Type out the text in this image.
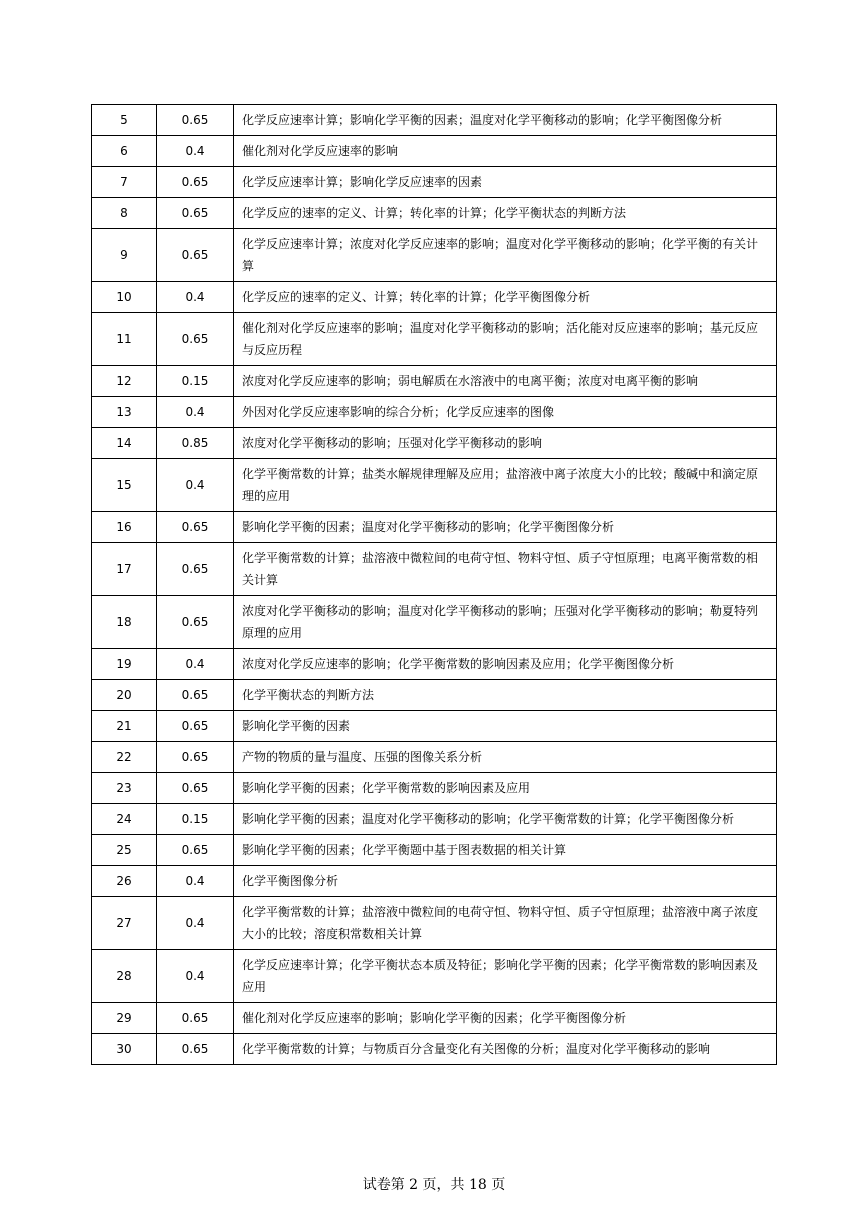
5	0.65	化学反应速率计算；影响化学平衡的因素；温度对化学平衡移动的影响；化学平衡图像分析
6	0.4	催化剂对化学反应速率的影响
7	0.65	化学反应速率计算；影响化学反应速率的因素
8	0.65	化学反应的速率的定义、计算；转化率的计算；化学平衡状态的判断方法
9	0.65	化学反应速率计算；浓度对化学反应速率的影响；温度对化学平衡移动的影响；化学平衡的有关计算
10	0.4	化学反应的速率的定义、计算；转化率的计算；化学平衡图像分析
11	0.65	催化剂对化学反应速率的影响；温度对化学平衡移动的影响；活化能对反应速率的影响；基元反应与反应历程
12	0.15	浓度对化学反应速率的影响；弱电解质在水溶液中的电离平衡；浓度对电离平衡的影响
13	0.4	外因对化学反应速率影响的综合分析；化学反应速率的图像
14	0.85	浓度对化学平衡移动的影响；压强对化学平衡移动的影响
15	0.4	化学平衡常数的计算；盐类水解规律理解及应用；盐溶液中离子浓度大小的比较；酸碱中和滴定原理的应用
16	0.65	影响化学平衡的因素；温度对化学平衡移动的影响；化学平衡图像分析
17	0.65	化学平衡常数的计算；盐溶液中微粒间的电荷守恒、物料守恒、质子守恒原理；电离平衡常数的相关计算
18	0.65	浓度对化学平衡移动的影响；温度对化学平衡移动的影响；压强对化学平衡移动的影响；勒夏特列原理的应用
19	0.4	浓度对化学反应速率的影响；化学平衡常数的影响因素及应用；化学平衡图像分析
20	0.65	化学平衡状态的判断方法
21	0.65	影响化学平衡的因素
22	0.65	产物的物质的量与温度、压强的图像关系分析
23	0.65	影响化学平衡的因素；化学平衡常数的影响因素及应用
24	0.15	影响化学平衡的因素；温度对化学平衡移动的影响；化学平衡常数的计算；化学平衡图像分析
25	0.65	影响化学平衡的因素；化学平衡题中基于图表数据的相关计算
26	0.4	化学平衡图像分析
27	0.4	化学平衡常数的计算；盐溶液中微粒间的电荷守恒、物料守恒、质子守恒原理；盐溶液中离子浓度大小的比较；溶度积常数相关计算
28	0.4	化学反应速率计算；化学平衡状态本质及特征；影响化学平衡的因素；化学平衡常数的影响因素及应用
29	0.65	催化剂对化学反应速率的影响；影响化学平衡的因素；化学平衡图像分析
30	0.65	化学平衡常数的计算；与物质百分含量变化有关图像的分析；温度对化学平衡移动的影响
试卷第 2 页，共 18 页
